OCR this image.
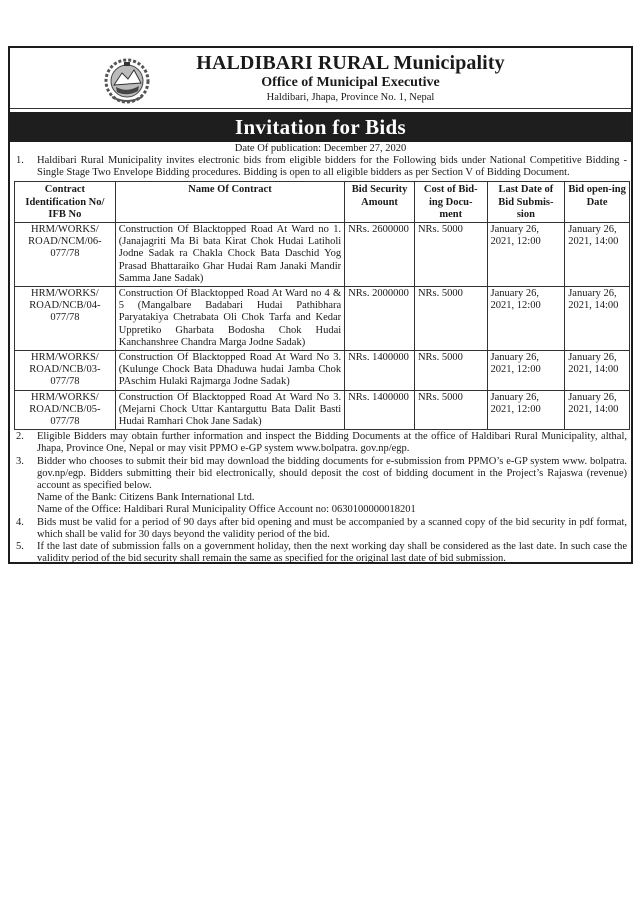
HALDIBARI RURAL Municipality
Office of Municipal Executive
Haldibari, Jhapa, Province No. 1, Nepal
Invitation for Bids
Date Of publication: December 27, 2020
1. Haldibari Rural Municipality invites electronic bids from eligible bidders for the Following bids under National Competitive Bidding - Single Stage Two Envelope Bidding procedures. Bidding is open to all eligible bidders as per Section V of Bidding Document.
Contract Identification No/ IFB No	Name Of Contract	Bid Security Amount	Cost of Bid-ing Docu-ment	Last Date of Bid Submis-sion	Bid open-ing Date
HRM/WORKS/ ROAD/NCM/06-077/78	Construction Of Blacktopped Road At Ward no 1. (Janajagriti Ma Bi bata Kirat Chok Hudai Latiholi Jodne Sadak ra Chakla Chock Bata Daschid Yog Prasad Bhattaraiko Ghar Hudai Ram Janaki Mandir Samma Jane Sadak)	NRs. 2600000	NRs. 5000	January 26, 2021, 12:00	January 26, 2021, 14:00
HRM/WORKS/ ROAD/NCB/04-077/78	Construction Of Blacktopped Road At Ward no 4 & 5 (Mangalbare Badabari Hudai Pathibhara Paryatakiya Chetrabata Oli Chok Tarfa and Kedar Uppretiko Gharbata Bodosha Chok Hudai Kanchanshree Chandra Marga Jodne Sadak)	NRs. 2000000	NRs. 5000	January 26, 2021, 12:00	January 26, 2021, 14:00
HRM/WORKS/ ROAD/NCB/03-077/78	Construction Of Blacktopped Road At Ward No 3. (Kulunge Chock Bata Dhaduwa hudai Jamba Chok PAschim Hulaki Rajmarga Jodne Sadak)	NRs. 1400000	NRs. 5000	January 26, 2021, 12:00	January 26, 2021, 14:00
HRM/WORKS/ ROAD/NCB/05-077/78	Construction Of Blacktopped Road At Ward No 3. (Mejarni Chock Uttar Kantarguttu Bata Dalit Basti Hudai Ramhari Chok Jane Sadak)	NRs. 1400000	NRs. 5000	January 26, 2021, 12:00	January 26, 2021, 14:00
2. Eligible Bidders may obtain further information and inspect the Bidding Documents at the office of Haldibari Rural Municipality, althal, Jhapa, Province One, Nepal or may visit PPMO e-GP system www.bolpatra. gov.np/egp.
3. Bidder who chooses to submit their bid may download the bidding documents for e-submission from PPMO’s e-GP system www. bolpatra. gov.np/egp. Bidders submitting their bid electronically, should deposit the cost of bidding document in the Project’s Rajaswa (revenue) account as specified below.
Name of the Bank: Citizens Bank International Ltd.
Name of the Office: Haldibari Rural Municipality Office Account no: 0630100000018201
4. Bids must be valid for a period of 90 days after bid opening and must be accompanied by a scanned copy of the bid security in pdf format, which shall be valid for 30 days beyond the validity period of the bid.
5. If the last date of submission falls on a government holiday, then the next working day shall be considered as the last date. In such case the validity period of the bid security shall remain the same as specified for the original last date of bid submission.
